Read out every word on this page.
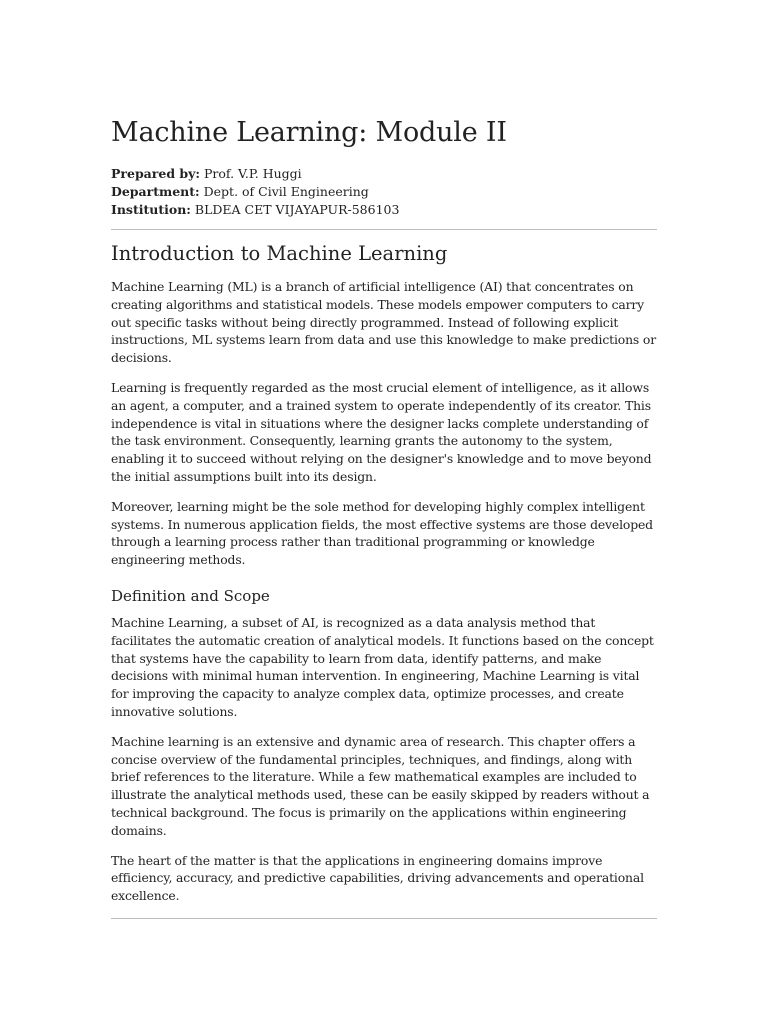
Machine Learning: Module II
Prepared by: Prof. V.P. Huggi
Department: Dept. of Civil Engineering
Institution: BLDEA CET VIJAYAPUR-586103
Introduction to Machine Learning

Machine Learning (ML) is a branch of artificial intelligence (AI) that concentrates on creating algorithms and statistical models. These models empower computers to carry out specific tasks without being directly programmed. Instead of following explicit instructions, ML systems learn from data and use this knowledge to make predictions or decisions.

Learning is frequently regarded as the most crucial element of intelligence, as it allows an agent, a computer, and a trained system to operate independently of its creator. This independence is vital in situations where the designer lacks complete understanding of the task environment. Consequently, learning grants the autonomy to the system, enabling it to succeed without relying on the designer's knowledge and to move beyond the initial assumptions built into its design.

Moreover, learning might be the sole method for developing highly complex intelligent systems. In numerous application fields, the most effective systems are those developed through a learning process rather than traditional programming or knowledge engineering methods.

Definition and Scope

Machine Learning, a subset of AI, is recognized as a data analysis method that facilitates the automatic creation of analytical models. It functions based on the concept that systems have the capability to learn from data, identify patterns, and make decisions with minimal human intervention. In engineering, Machine Learning is vital for improving the capacity to analyze complex data, optimize processes, and create innovative solutions.

Machine learning is an extensive and dynamic area of research. This chapter offers a concise overview of the fundamental principles, techniques, and findings, along with brief references to the literature. While a few mathematical examples are included to illustrate the analytical methods used, these can be easily skipped by readers without a technical background. The focus is primarily on the applications within engineering domains.

The heart of the matter is that the applications in engineering domains improve efficiency, accuracy, and predictive capabilities, driving advancements and operational excellence.
